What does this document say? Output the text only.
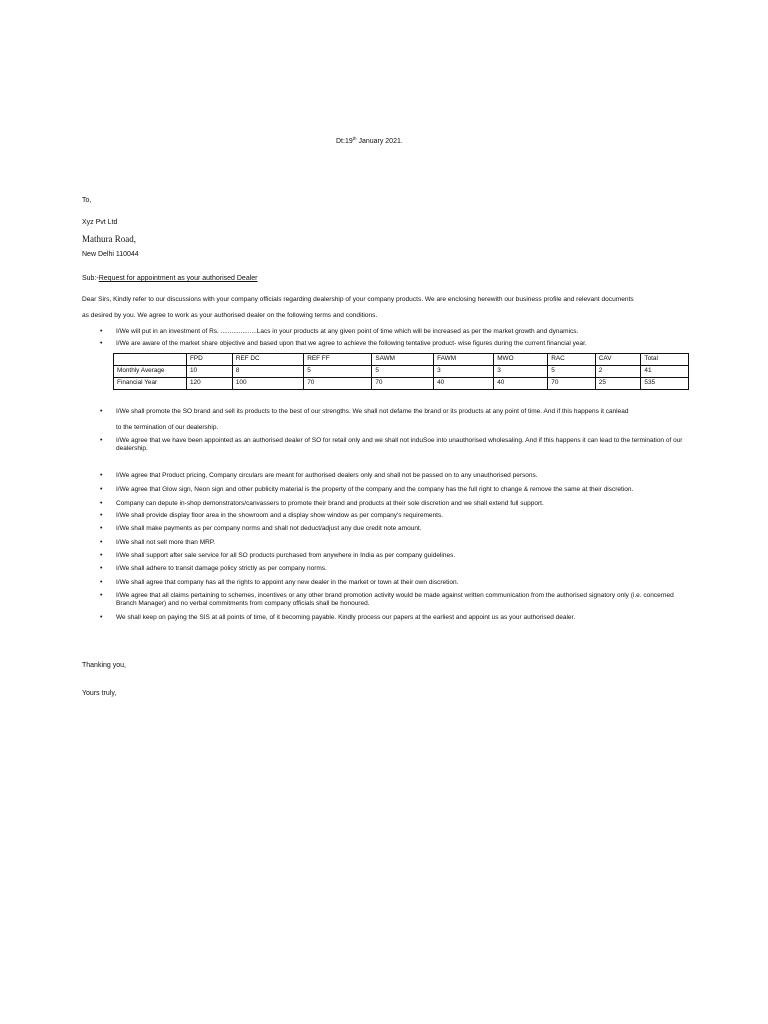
Dt:19th January 2021.
To,
Xyz Pvt Ltd
Mathura Road,
New Delhi 110044
Sub:-Request for appointment as your authorised Dealer
Dear Sirs, Kindly refer to our discussions with your company officials regarding dealership of your company products. We are enclosing herewith our business profile and relevant documents
as desired by you. We agree to work as your authorised dealer on the following terms and conditions.
• I/We will put in an investment of Rs. ....................Lacs in your products at any given point of time which will be increased as per the market growth and dynamics.
• I/We are aware of the market share objective and based upon that we agree to achieve the following tentative product- wise figures during the current financial year.
	FPD	REF DC	REF FF	SAWM	FAWM	MWO	RAC	CAV	Total
Monthly Average	10	8	5	5	3	3	5	2	41
Financial Year	120	100	70	70	40	40	70	25	535
• I/We shall promote the SO brand and sell its products to the best of our strengths. We shall not defame the brand or its products at any point of time. And if this happens it canlead
to the termination of our dealership.
• I/We agree that we have been appointed as an authorised dealer of SO for retail only and we shall not induSoe into unauthorised wholesaling. And if this happens it can lead to the termination of our dealership.
• I/We agree that Product pricing, Company circulars are meant for authorised dealers only and shall not be passed on to any unauthorised persons.
• I/We agree that Glow sign, Neon sign and other publicity material is the property of the company and the company has the full right to change & remove the same at their discretion.
• Company can depute in-shop demonstrators/canvassers to promote their brand and products at their sole discretion and we shall extend full support.
• I/We shall provide display floor area in the showroom and a display show window as per company's requirements.
• I/We shall make payments as per company norms and shall not deduct/adjust any due credit note amount.
• I/We shall not sell more than MRP.
• I/We shall support after sale service for all SO products purchased from anywhere in India as per company guidelines.
• I/We shall adhere to transit damage policy strictly as per company norms.
• I/We shall agree that company has all the rights to appoint any new dealer in the market or town at their own discretion.
• I/We agree that all claims pertaining to schemes, incentives or any other brand promotion activity would be made against written communication from the authorised signatory only (i.e. concerned Branch Manager) and no verbal commitments from company officials shall be honoured.
• We shall keep on paying the SIS at all points of time, of it becoming payable. Kindly process our papers at the earliest and appoint us as your authorised dealer.
Thanking you,
Yours truly,
